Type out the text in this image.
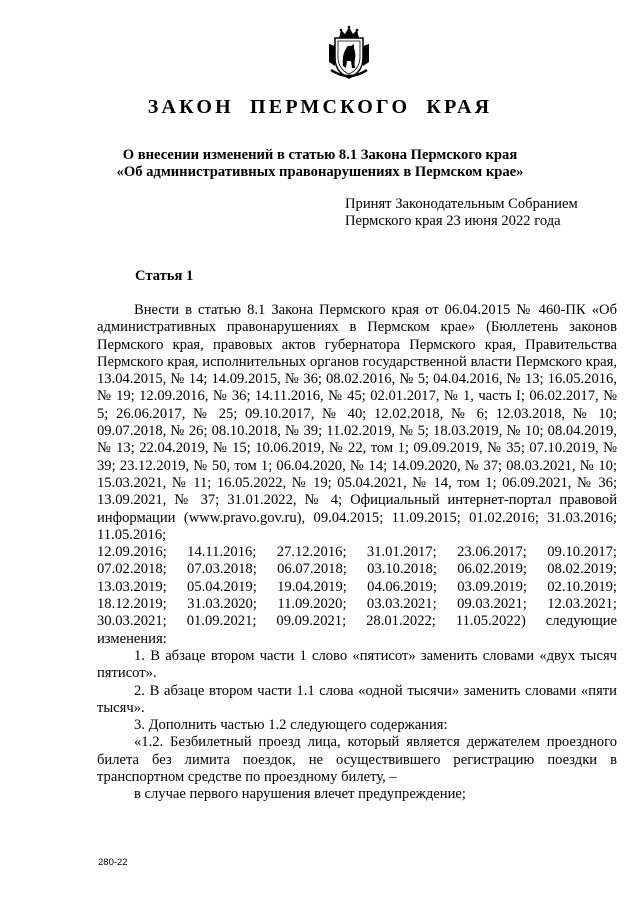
ЗАКОН ПЕРМСКОГО КРАЯ
О внесении изменений в статью 8.1 Закона Пермского края
«Об административных правонарушениях в Пермском крае»
Принят Законодательным Собранием
Пермского края 23 июня 2022 года
Статья 1

Внести в статью 8.1 Закона Пермского края от 06.04.2015 № 460-ПК «Об административных правонарушениях в Пермском крае» (Бюллетень законов Пермского края, правовых актов губернатора Пермского края, Правительства Пермского края, исполнительных органов государственной власти Пермского края, 13.04.2015, № 14; 14.09.2015, № 36; 08.02.2016, № 5; 04.04.2016, № 13; 16.05.2016, № 19; 12.09.2016, № 36; 14.11.2016, № 45; 02.01.2017, № 1, часть I; 06.02.2017, № 5; 26.06.2017, № 25; 09.10.2017, № 40; 12.02.2018, № 6; 12.03.2018, № 10; 09.07.2018, № 26; 08.10.2018, № 39; 11.02.2019, № 5; 18.03.2019, № 10; 08.04.2019, № 13; 22.04.2019, № 15; 10.06.2019, № 22, том 1; 09.09.2019, № 35; 07.10.2019, № 39; 23.12.2019, № 50, том 1; 06.04.2020, № 14; 14.09.2020, № 37; 08.03.2021, № 10; 15.03.2021, № 11; 16.05.2022, № 19; 05.04.2021, № 14, том 1; 06.09.2021, № 36; 13.09.2021, № 37; 31.01.2022, № 4; Официальный интернет-портал правовой информации (www.pravo.gov.ru), 09.04.2015; 11.09.2015; 01.02.2016; 31.03.2016; 11.05.2016;

12.09.2016; 14.11.2016; 27.12.2016; 31.01.2017; 23.06.2017; 09.10.2017;
07.02.2018; 07.03.2018; 06.07.2018; 03.10.2018; 06.02.2019; 08.02.2019;
13.03.2019; 05.04.2019; 19.04.2019; 04.06.2019; 03.09.2019; 02.10.2019;
18.12.2019; 31.03.2020; 11.09.2020; 03.03.2021; 09.03.2021; 12.03.2021;
30.03.2021; 01.09.2021; 09.09.2021; 28.01.2022; 11.05.2022) следующие

изменения:

1. В абзаце втором части 1 слово «пятисот» заменить словами «двух тысяч пятисот».

2. В абзаце втором части 1.1 слова «одной тысячи» заменить словами «пяти тысяч».

3. Дополнить частью 1.2 следующего содержания:

«1.2. Безбилетный проезд лица, который является держателем проездного билета без лимита поездок, не осуществившего регистрацию поездки в транспортном средстве по проездному билету, –

в случае первого нарушения влечет предупреждение;

280-22
